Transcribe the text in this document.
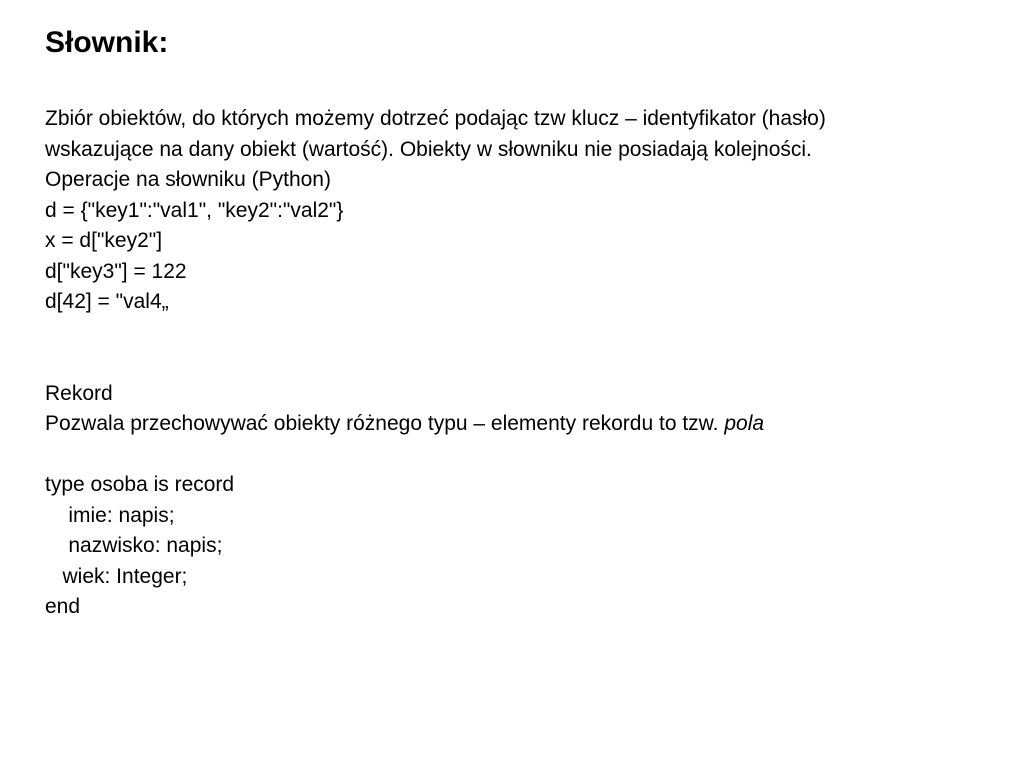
Słownik:
Zbiór obiektów, do których możemy dotrzeć podając tzw klucz – identyfikator (hasło)
wskazujące na dany obiekt (wartość). Obiekty w słowniku nie posiadają kolejności.
Operacje na słowniku (Python)
d = {"key1":"val1", "key2":"val2"}
x = d["key2"]
d["key3"] = 122
d[42] = "val4„
Rekord
Pozwala przechowywać obiekty różnego typu – elementy rekordu to tzw. pola
type osoba is record
imie: napis;
nazwisko: napis;
wiek: Integer;
end
